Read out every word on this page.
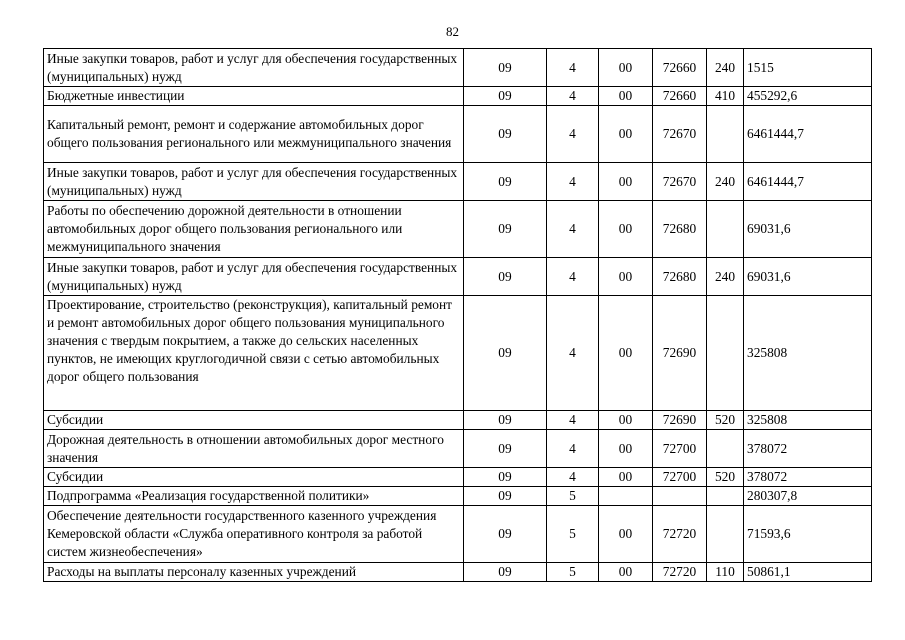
82
Иные закупки товаров, работ и услуг для обеспечения государственных (муниципальных) нужд	09	4	00	72660	240	1515
Бюджетные инвестиции	09	4	00	72660	410	455292,6
Капитальный ремонт, ремонт и содержание автомобильных дорог общего пользования регионального или межмуниципального значения	09	4	00	72670		6461444,7
Иные закупки товаров, работ и услуг для обеспечения государственных (муниципальных) нужд	09	4	00	72670	240	6461444,7
Работы по обеспечению дорожной деятельности в отношении автомобильных дорог общего пользования регионального или межмуниципального значения	09	4	00	72680		69031,6
Иные закупки товаров, работ и услуг для обеспечения государственных (муниципальных) нужд	09	4	00	72680	240	69031,6
Проектирование, строительство (реконструкция), капитальный ремонт и ремонт автомобильных дорог общего пользования муниципального значения с твердым покрытием, а также до сельских населенных пунктов, не имеющих круглогодичной связи с сетью автомобильных дорог общего пользования	09	4	00	72690		325808
Субсидии	09	4	00	72690	520	325808
Дорожная деятельность в отношении автомобильных дорог местного значения	09	4	00	72700		378072
Субсидии	09	4	00	72700	520	378072
Подпрограмма «Реализация государственной политики»	09	5				280307,8
Обеспечение деятельности государственного казенного учреждения Кемеровской области «Служба оперативного контроля за работой систем жизнеобеспечения»	09	5	00	72720		71593,6
Расходы на выплаты персоналу казенных учреждений	09	5	00	72720	110	50861,1
